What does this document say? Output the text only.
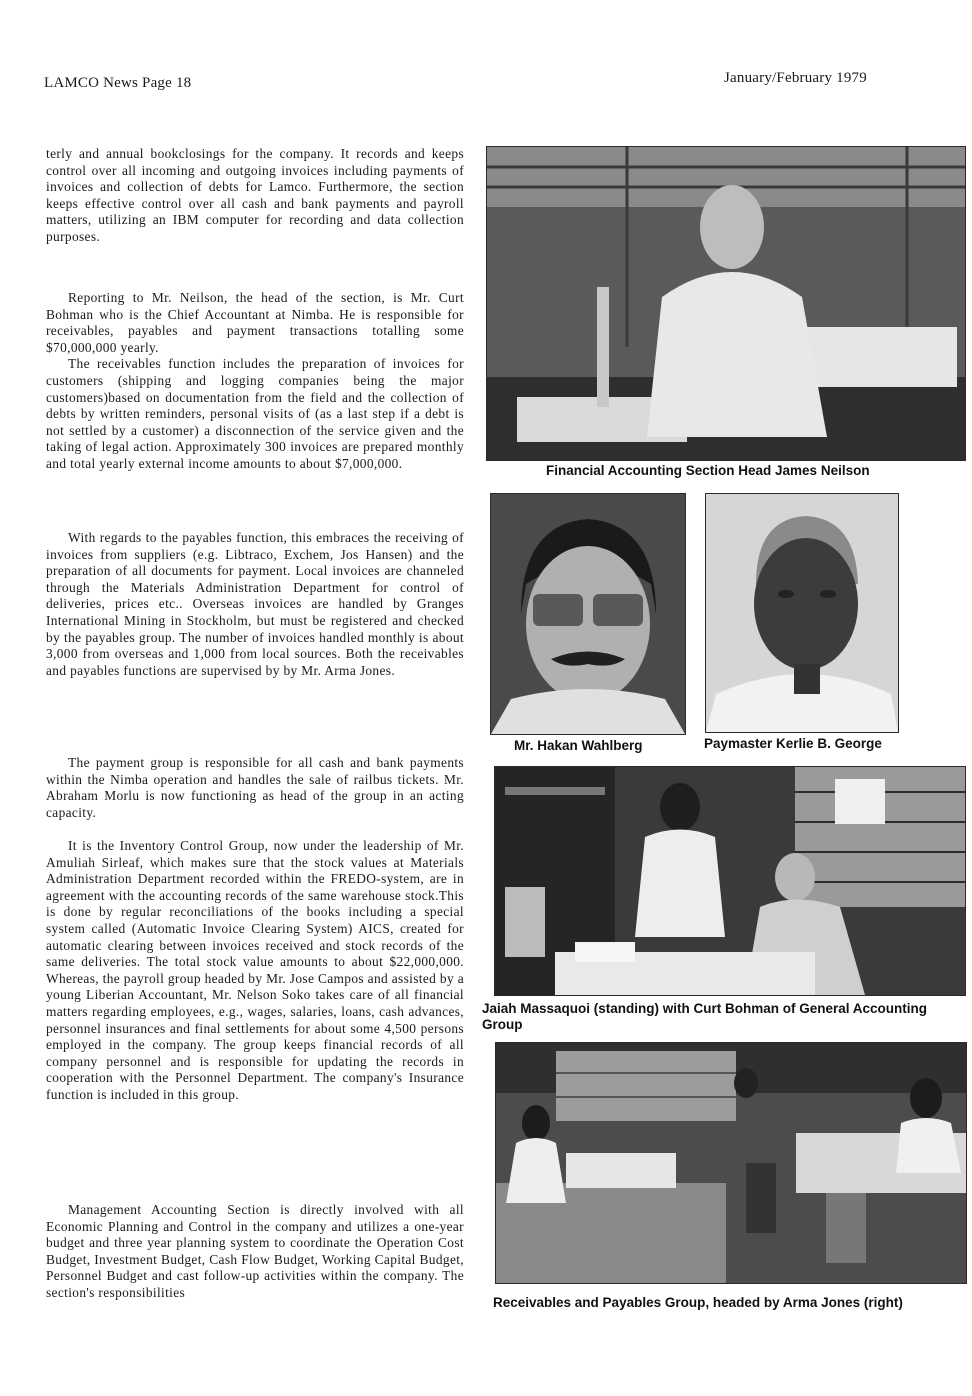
LAMCO News Page 18	January/February 1979

terly and annual bookclosings for the company. It records and keeps control over all incoming and outgoing invoices including payments of invoices and collection of debts for Lamco. Furthermore, the section keeps effective control over all cash and bank payments and payroll matters, utilizing an IBM computer for recording and data collection purposes.

Reporting to Mr. Neilson, the head of the section, is Mr. Curt Bohman who is the Chief Accountant at Nimba. He is responsible for receivables, payables and payment transactions totalling some $70,000,000 yearly.

The receivables function includes the preparation of invoices for customers (shipping and logging companies being the major customers)based on documentation from the field and the collection of debts by written reminders, personal visits of (as a last step if a debt is not settled by a customer) a disconnection of the service given and the taking of legal action. Approximately 300 invoices are prepared monthly and total yearly external income amounts to about $7,000,000.

With regards to the payables function, this embraces the receiving of invoices from suppliers (e.g. Libtraco, Exchem, Jos Hansen) and the preparation of all documents for payment. Local invoices are channeled through the Materials Administration Department for control of deliveries, prices etc.. Overseas invoices are handled by Granges International Mining in Stockholm, but must be registered and checked by the payables group. The number of invoices handled monthly is about 3,000 from overseas and 1,000 from local sources. Both the receivables and payables functions are supervised by by Mr. Arma Jones.

The payment group is responsible for all cash and bank payments within the Nimba operation and handles the sale of railbus tickets. Mr. Abraham Morlu is now functioning as head of the group in an acting capacity.

It is the Inventory Control Group, now under the leadership of Mr. Amuliah Sirleaf, which makes sure that the stock values at Materials Administration Department recorded within the FREDO-system, are in agreement with the accounting records of the same warehouse stock.This is done by regular reconciliations of the books including a special system called (Automatic Invoice Clearing System) AICS, created for automatic clearing between invoices received and stock records of the same deliveries. The total stock value amounts to about $22,000,000. Whereas, the payroll group headed by Mr. Jose Campos and assisted by a young Liberian Accountant, Mr. Nelson Soko takes care of all financial matters regarding employees, e.g., wages, salaries, loans, cash advances, personnel insurances and final settlements for about some 4,500 persons employed in the company. The group keeps financial records of all company personnel and is responsible for updating the records in cooperation with the Personnel Department. The company's Insurance function is included in this group.

Management Accounting Section is directly involved with all Economic Planning and Control in the company and utilizes a one-year budget and three year planning system to coordinate the Operation Cost Budget, Investment Budget, Cash Flow Budget, Working Capital Budget, Personnel Budget and cast follow-up activities within the company. The section's responsibilities

Financial Accounting Section Head James Neilson
Mr. Hakan Wahlberg	Paymaster Kerlie B. George
Jaiah Massaquoi (standing) with Curt Bohman of General Accounting Group
Receivables and Payables Group, headed by Arma Jones (right)
